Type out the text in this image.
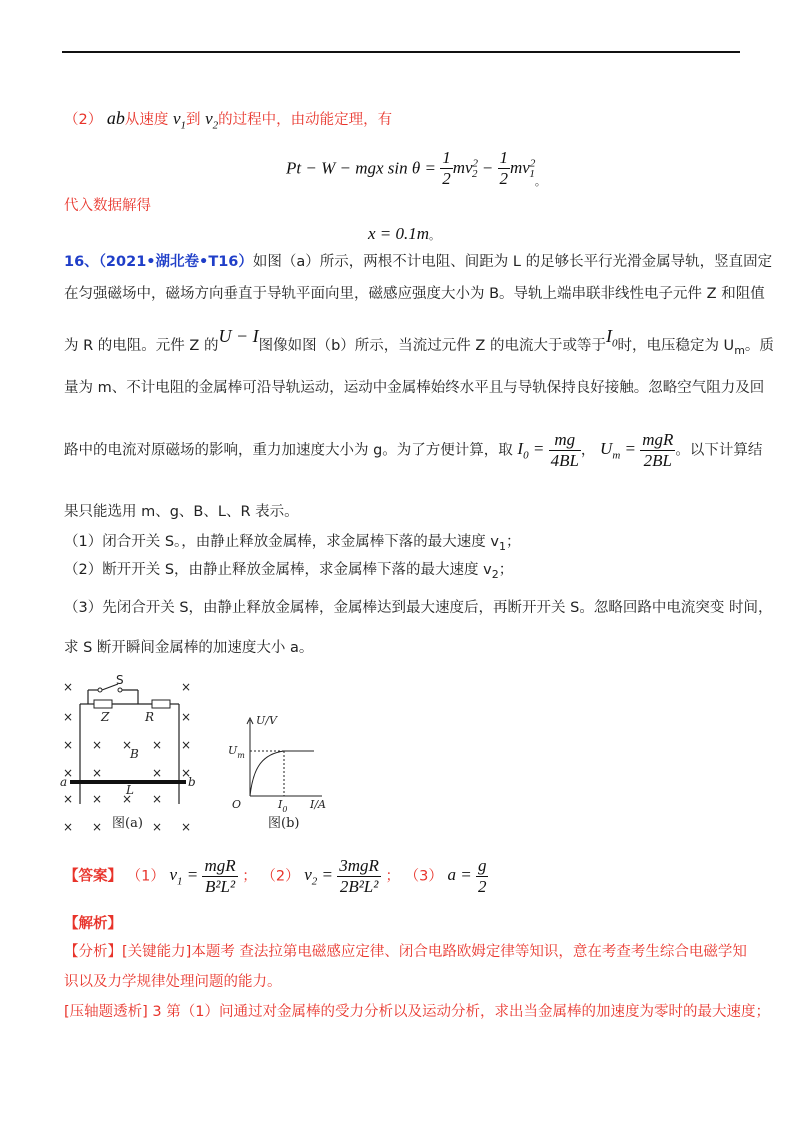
（2） ab从速度 $v_1$到 $v_2$的过程中，由动能定理，有
Pt − W − mgx $\sin \theta = \frac{1}{2} mv^2_2 - \frac{1}{2} mv^2_1$。
代入数据解得
x = 0.1m。
16、（2021•湖北卷•T16）如图（a）所示，两根不计电阻、间距为 L 的足够长平行光滑金属导轨，竖直固定
在匀强磁场中，磁场方向垂直于导轨平面向里，磁感应强度大小为 B。导轨上端串联非线性电子元件 Z 和阻值
为 R 的电阻。元件 Z 的U − I图像如图（b）所示，当流过元件 Z 的电流大于或等于$I_0$时，电压稳定为 $U_m$。质
量为 m、不计电阻的金属棒可沿导轨运动，运动中金属棒始终水平且与导轨保持良好接触。忽略空气阻力及回
路中的电流对原磁场的影响，重力加速度大小为 g。为了方便计算，取 $I_0 = \frac{mg}{4BL}$ ， $U_m = \frac{\text{mgR}}{2BL}$ 。以下计算结
果只能选用 m、g、B、L、R 表示。
（1）闭合开关 S。，由静止释放金属棒，求金属棒下落的最大速度 $v_1$；
（2）断开开关 S，由静止释放金属棒，求金属棒下落的最大速度 $v_2$；
（3）先闭合开关 S，由静止释放金属棒，金属棒达到最大速度后，再断开开关 S。忽略回路中电流突变 时间，
求 S 断开瞬间金属棒的加速度大小 a。
×	×
×	×
× × × × ×
×	×
×	×
× × ×
×
×	×
×	×
S
Z	R
B
a	b
L
图(a)
U/V
$U_m$
O	$I_0$ I/A
图(b)
【答案】 （1） $v_1 = \frac{\text{mgR}}{\text{B²L²}}$ ； （2） $v_2 = \frac{\text{3mgR}}{\text{2B²L²}}$ ； （3） $a = \frac{g}{2}$
【解析】
【分析】[关键能力]本题考 查法拉第电磁感应定律、闭合电路欧姆定律等知识，意在考查考生综合电磁学知
识以及力学规律处理问题的能力。
[压轴题透析] 3 第（1）问通过对金属棒的受力分析以及运动分析，求出当金属棒的加速度为零时的最大速度；
